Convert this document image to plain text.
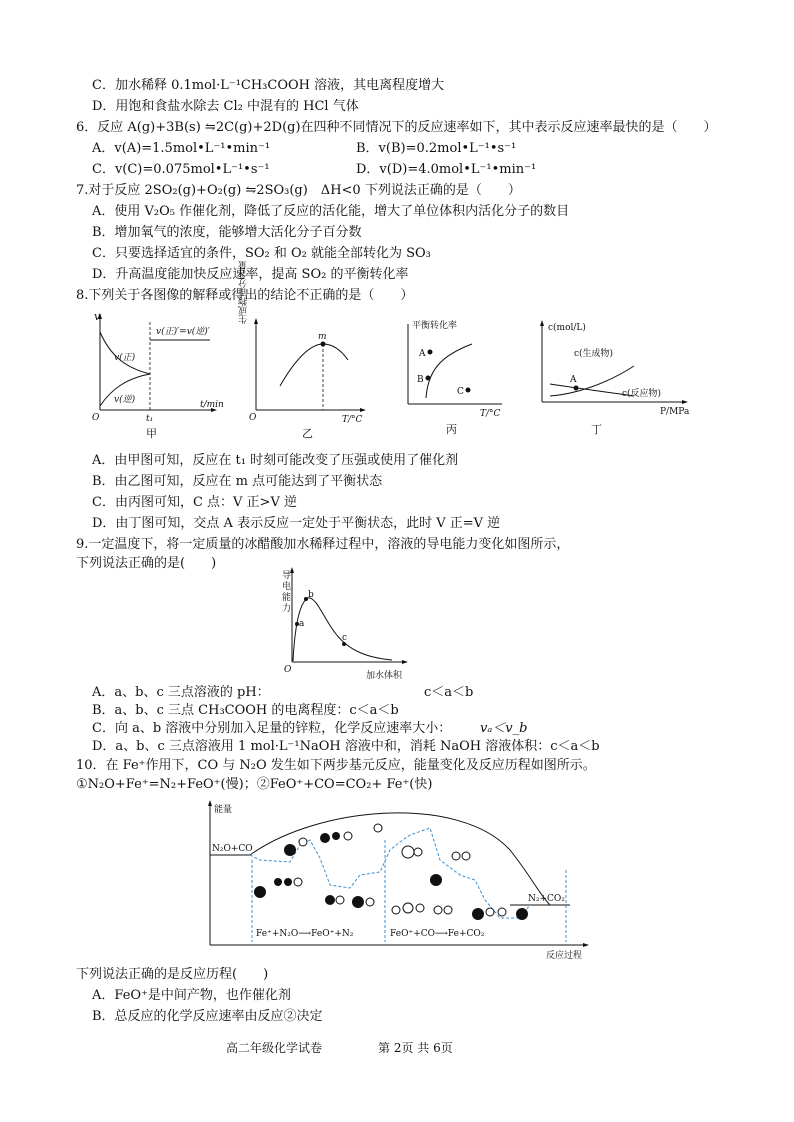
C．加水稀释 0.1mol·L⁻¹CH₃COOH 溶液，其电离程度增大
D．用饱和食盐水除去 Cl₂ 中混有的 HCl 气体
6．反应 A(g)+3B(s) ⇋2C(g)+2D(g)在四种不同情况下的反应速率如下，其中表示反应速率最快的是（　　）
A．v(A)=1.5mol•L⁻¹•min⁻¹	B．v(B)=0.2mol•L⁻¹•s⁻¹
C．v(C)=0.075mol•L⁻¹•s⁻¹	D．v(D)=4.0mol•L⁻¹•min⁻¹
7.对于反应 2SO₂(g)+O₂(g) ⇋2SO₃(g)　ΔH<0 下列说法正确的是（　　）
A．使用 V₂O₅ 作催化剂，降低了反应的活化能，增大了单位体积内活化分子的数目
B．增加氧气的浓度，能够增大活化分子百分数
C．只要选择适宜的条件，SO₂ 和 O₂ 就能全部转化为 SO₃
D．升高温度能加快反应速率，提高 SO₂ 的平衡转化率
8.下列关于各图像的解释或得出的结论不正确的是（　　）
v
t/min
O	t₁
v(正)′=v(逆)′
v(正)
v(逆)
甲
生成物百分含量
T/°C
O
m
乙
平衡转化率
T/°C
A
B
C
丙
c(mol/L)
P/MPa
A
c(生成物)
c(反应物)
丁
A．由甲图可知，反应在 t₁ 时刻可能改变了压强或使用了催化剂
B．由乙图可知，反应在 m 点可能达到了平衡状态
C．由丙图可知，C 点：V 正>V 逆
D．由丁图可知，交点 A 表示反应一定处于平衡状态，此时 V 正=V 逆
9.一定温度下，将一定质量的冰醋酸加水稀释过程中，溶液的导电能力变化如图所示，
下列说法正确的是(　　)
导
电
能
力
O
加水体积
a
b
c
A．a、b、c 三点溶液的 pH：	c＜a＜b
B．a、b、c 三点 CH₃COOH 的电离程度：c＜a＜b
C．向 a、b 溶液中分别加入足量的锌粒，化学反应速率大小： vₐ＜v_b
D．a、b、c 三点溶液用 1 mol·L⁻¹NaOH 溶液中和，消耗 NaOH 溶液体积：c＜a＜b
10．在 Fe⁺作用下，CO 与 N₂O 发生如下两步基元反应，能量变化及反应历程如图所示。
①N₂O+Fe⁺=N₂+FeO⁺(慢)；②FeO⁺+CO=CO₂+ Fe⁺(快)
能量
反应过程
N₂O+CO
N₂+CO₂
Fe⁺+N₂O⟶FeO⁺+N₂	FeO⁺+CO⟶Fe+CO₂
下列说法正确的是反应历程(　　)
A．FeO⁺是中间产物，也作催化剂
B．总反应的化学反应速率由反应②决定
高二年级化学试卷	第 2页 共 6页
